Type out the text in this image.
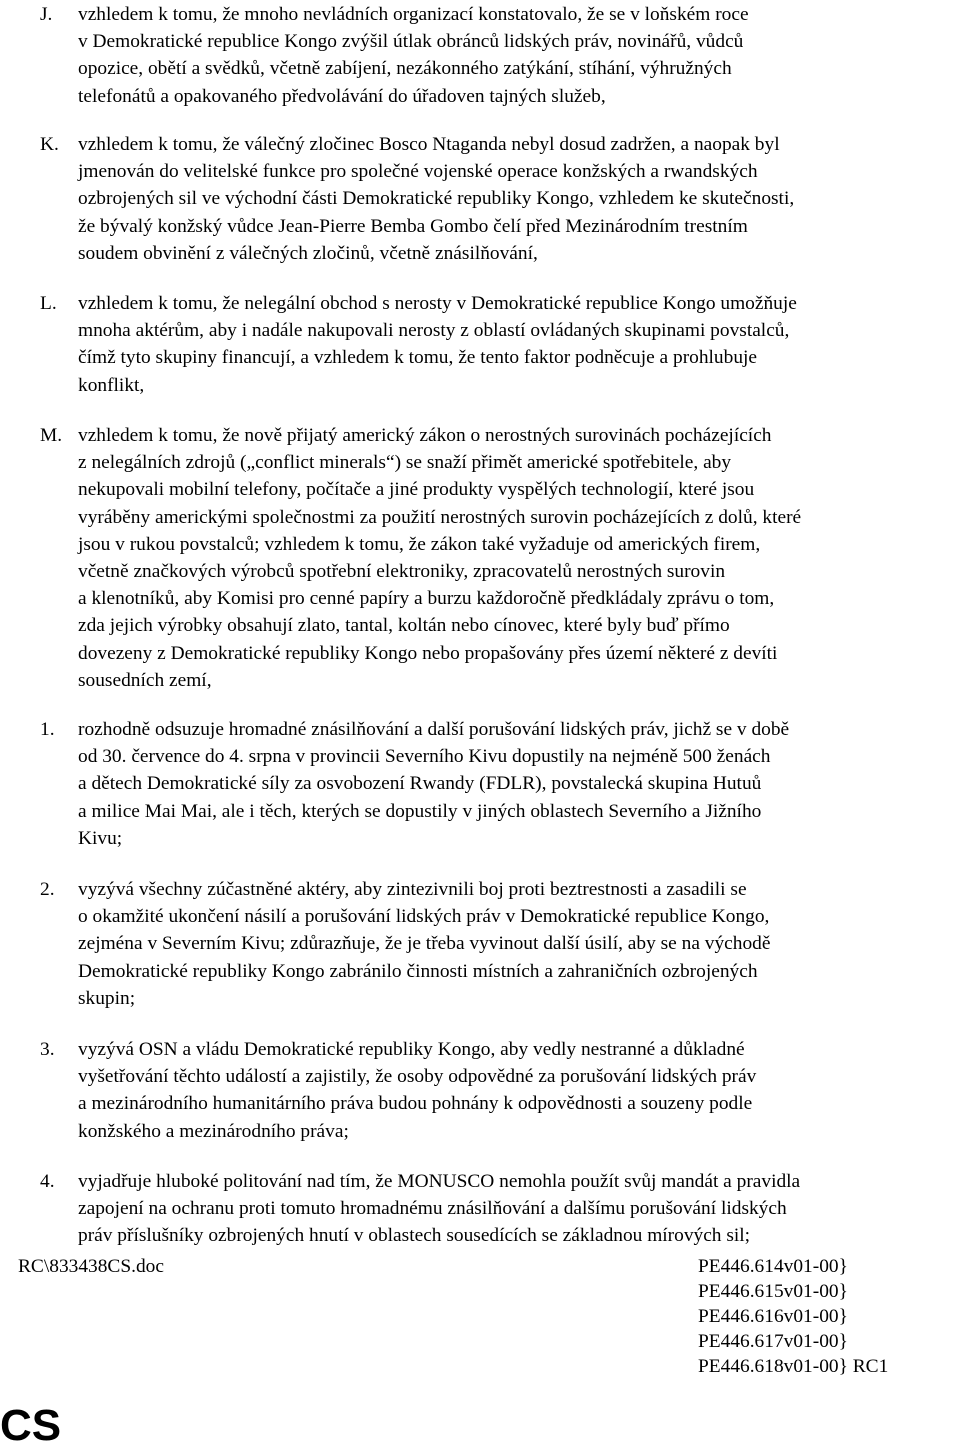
J. vzhledem k tomu, že mnoho nevládních organizací konstatovalo, že se v loňském roce
v Demokratické republice Kongo zvýšil útlak obránců lidských práv, novinářů, vůdců
opozice, obětí a svědků, včetně zabíjení, nezákonného zatýkání, stíhání, výhružných
telefonátů a opakovaného předvolávání do úřadoven tajných služeb,
K. vzhledem k tomu, že válečný zločinec Bosco Ntaganda nebyl dosud zadržen, a naopak byl
jmenován do velitelské funkce pro společné vojenské operace konžských a rwandských
ozbrojených sil ve východní části Demokratické republiky Kongo, vzhledem ke skutečnosti,
že bývalý konžský vůdce Jean-Pierre Bemba Gombo čelí před Mezinárodním trestním
soudem obvinění z válečných zločinů, včetně znásilňování,
L. vzhledem k tomu, že nelegální obchod s nerosty v Demokratické republice Kongo umožňuje
mnoha aktérům, aby i nadále nakupovali nerosty z oblastí ovládaných skupinami povstalců,
čímž tyto skupiny financují, a vzhledem k tomu, že tento faktor podněcuje a prohlubuje
konflikt,
M. vzhledem k tomu, že nově přijatý americký zákon o nerostných surovinách pocházejících
z nelegálních zdrojů („conflict minerals“) se snaží přimět americké spotřebitele, aby
nekupovali mobilní telefony, počítače a jiné produkty vyspělých technologií, které jsou
vyráběny americkými společnostmi za použití nerostných surovin pocházejících z dolů, které
jsou v rukou povstalců; vzhledem k tomu, že zákon také vyžaduje od amerických firem,
včetně značkových výrobců spotřební elektroniky, zpracovatelů nerostných surovin
a klenotníků, aby Komisi pro cenné papíry a burzu každoročně předkládaly zprávu o tom,
zda jejich výrobky obsahují zlato, tantal, koltán nebo cínovec, které byly buď přímo
dovezeny z Demokratické republiky Kongo nebo propašovány přes území některé z devíti
sousedních zemí,
1. rozhodně odsuzuje hromadné znásilňování a další porušování lidských práv, jichž se v době
od 30. července do 4. srpna v provincii Severního Kivu dopustily na nejméně 500 ženách
a dětech Demokratické síly za osvobození Rwandy (FDLR), povstalecká skupina Hutuů
a milice Mai Mai, ale i těch, kterých se dopustily v jiných oblastech Severního a Jižního
Kivu;
2. vyzývá všechny zúčastněné aktéry, aby zintezivnili boj proti beztrestnosti a zasadili se
o okamžité ukončení násilí a porušování lidských práv v Demokratické republice Kongo,
zejména v Severním Kivu; zdůrazňuje, že je třeba vyvinout další úsilí, aby se na východě
Demokratické republiky Kongo zabránilo činnosti místních a zahraničních ozbrojených
skupin;
3. vyzývá OSN a vládu Demokratické republiky Kongo, aby vedly nestranné a důkladné
vyšetřování těchto událostí a zajistily, že osoby odpovědné za porušování lidských práv
a mezinárodního humanitárního práva budou pohnány k odpovědnosti a souzeny podle
konžského a mezinárodního práva;
4. vyjadřuje hluboké politování nad tím, že MONUSCO nemohla použít svůj mandát a pravidla
zapojení na ochranu proti tomuto hromadnému znásilňování a dalšímu porušování lidských
práv příslušníky ozbrojených hnutí v oblastech sousedících se základnou mírových sil;
RC\833438CS.doc	PE446.614v01-00}
PE446.615v01-00}
PE446.616v01-00}
PE446.617v01-00}
PE446.618v01-00} RC1
CS
